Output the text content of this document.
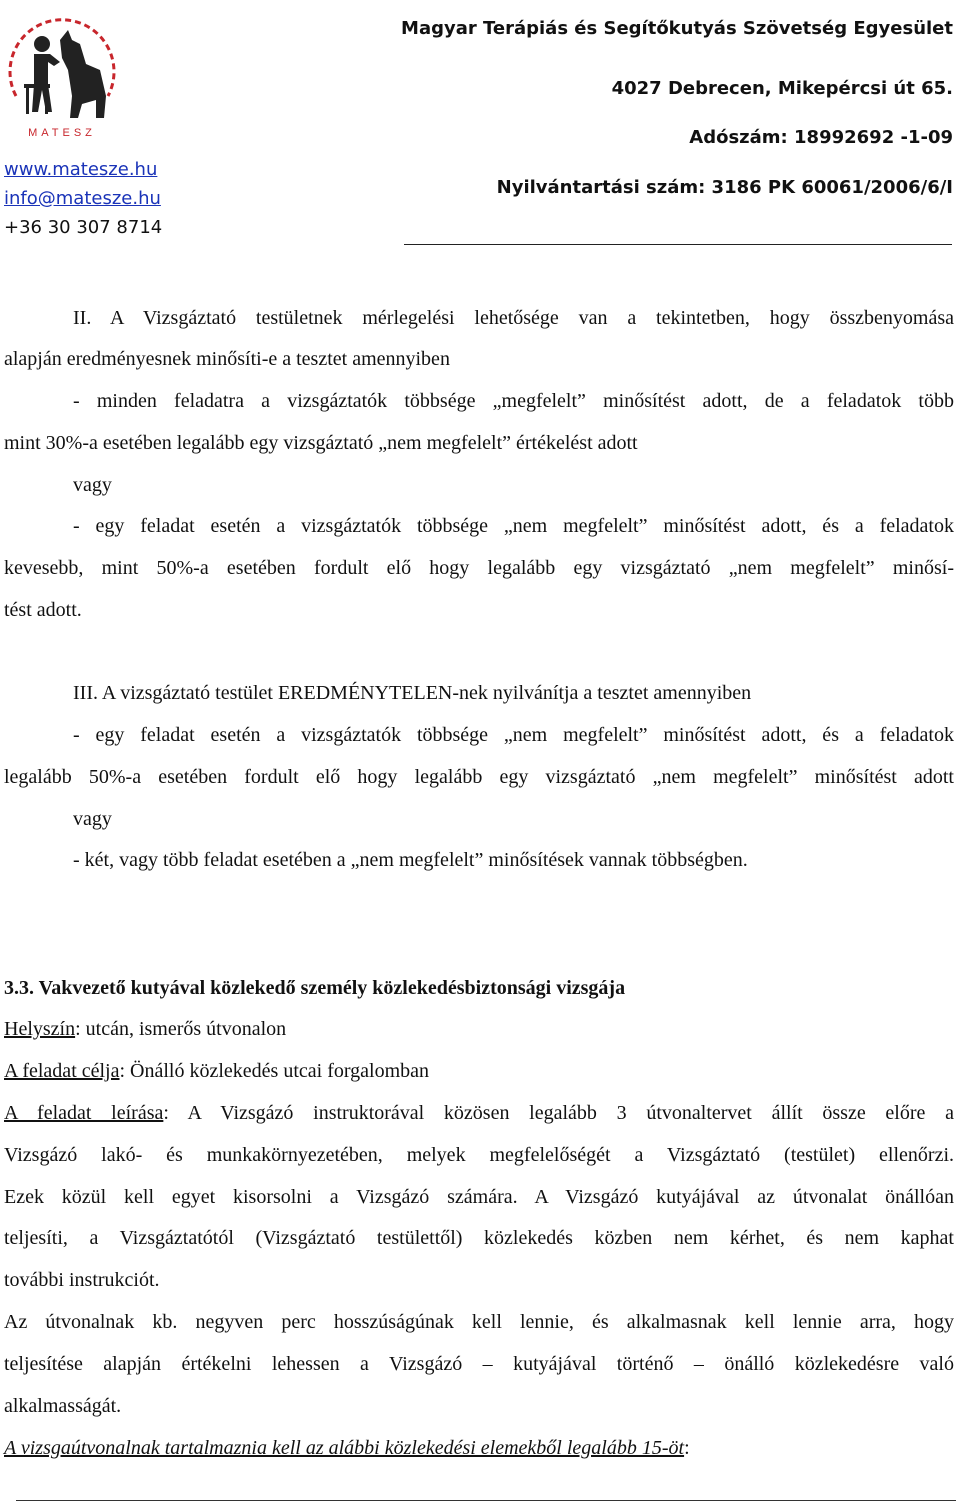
MATESZ
www.matesze.hu
info@matesze.hu
+36 30 307 8714
Magyar Terápiás és Segítőkutyás Szövetség Egyesület
4027 Debrecen, Mikepércsi út 65.
Adószám: 18992692 -1-09
Nyilvántartási szám: 3186 PK 60061/2006/6/I
II. A Vizsgáztató testületnek mérlegelési lehetősége van a tekintetben, hogy összbenyomása
alapján eredményesnek minősíti-e a tesztet amennyiben
- minden feladatra a vizsgáztatók többsége „megfelelt” minősítést adott, de a feladatok több
mint 30%-a esetében legalább egy vizsgáztató „nem megfelelt” értékelést adott
vagy
- egy feladat esetén a vizsgáztatók többsége „nem megfelelt” minősítést adott, és a feladatok
kevesebb, mint 50%-a esetében fordult elő hogy legalább egy vizsgáztató „nem megfelelt” minősí-
tést adott.
III. A vizsgáztató testület EREDMÉNYTELEN-nek nyilvánítja a tesztet amennyiben
- egy feladat esetén a vizsgáztatók többsége „nem megfelelt” minősítést adott, és a feladatok
legalább 50%-a esetében fordult elő hogy legalább egy vizsgáztató „nem megfelelt” minősítést adott
vagy
- két, vagy több feladat esetében a „nem megfelelt” minősítések vannak többségben.
3.3. Vakvezető kutyával közlekedő személy közlekedésbiztonsági vizsgája
Helyszín: utcán, ismerős útvonalon
A feladat célja: Önálló közlekedés utcai forgalomban
A feladat leírása: A Vizsgázó instruktorával közösen legalább 3 útvonaltervet állít össze előre a
Vizsgázó lakó- és munkakörnyezetében, melyek megfelelőségét a Vizsgáztató (testület) ellenőrzi.
Ezek közül kell egyet kisorsolni a Vizsgázó számára. A Vizsgázó kutyájával az útvonalat önállóan
teljesíti, a Vizsgáztatótól (Vizsgáztató testülettől) közlekedés közben nem kérhet, és nem kaphat
további instrukciót.
Az útvonalnak kb. negyven perc hosszúságúnak kell lennie, és alkalmasnak kell lennie arra, hogy
teljesítése alapján értékelni lehessen a Vizsgázó – kutyájával történő – önálló közlekedésre való
alkalmasságát.
A vizsgaútvonalnak tartalmaznia kell az alábbi közlekedési elemekből legalább 15-öt:
